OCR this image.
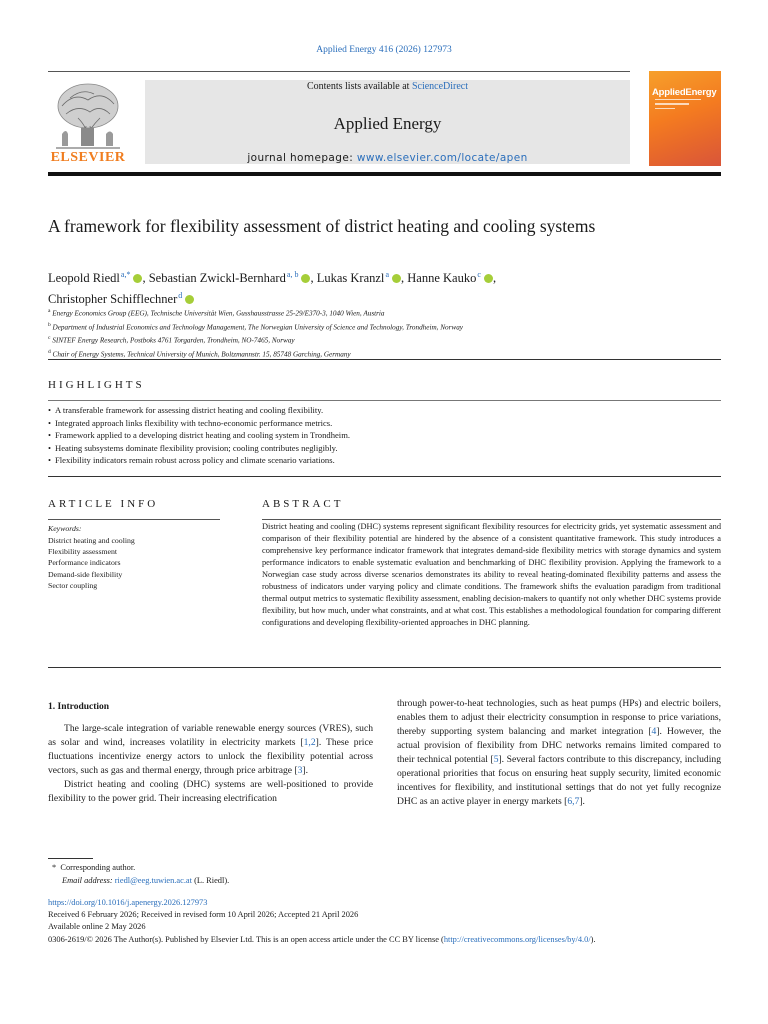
Applied Energy 416 (2026) 127973
ELSEVIER
Contents lists available at ScienceDirect
Applied Energy
journal homepage: www.elsevier.com/locate/apen
AppliedEnergy
A framework for flexibility assessment of district heating and cooling systems
Leopold Riedl $^{a,*}$ , Sebastian Zwickl-Bernhard $^{a, b}$ , Lukas Kranzl $^a$ , Hanne Kauko $^c$ ,
Christopher Schifflechner $^d$
$^a$ Energy Economics Group (EEG), Technische Universität Wien, Gusshausstrasse 25-29/E370-3, 1040 Wien, Austria
$^b$ Department of Industrial Economics and Technology Management, The Norwegian University of Science and Technology, Trondheim, Norway
$^c$ SINTEF Energy Research, Postboks 4761 Torgarden, Trondheim, NO-7465, Norway
$^d$ Chair of Energy Systems, Technical University of Munich, Boltzmannstr. 15, 85748 Garching, Germany
HIGHLIGHTS
• A transferable framework for assessing district heating and cooling flexibility.
• Integrated approach links flexibility with techno-economic performance metrics.
• Framework applied to a developing district heating and cooling system in Trondheim.
• Heating subsystems dominate flexibility provision; cooling contributes negligibly.
• Flexibility indicators remain robust across policy and climate scenario variations.
ARTICLE INFO
Keywords:
District heating and cooling
Flexibility assessment
Performance indicators
Demand-side flexibility
Sector coupling
ABSTRACT
District heating and cooling (DHC) systems represent significant flexibility resources for electricity grids, yet systematic assessment and comparison of their flexibility potential are hindered by the absence of a consistent quantitative framework. This study introduces a comprehensive key performance indicator framework that integrates demand-side flexibility metrics with storage dynamics and system performance indicators to enable systematic evaluation and benchmarking of DHC flexibility provision. Applying the framework to a Norwegian case study across diverse scenarios demonstrates its ability to reveal heating-dominated flexibility patterns and assess the robustness of indicators under varying policy and climate conditions. The framework shifts the evaluation paradigm from traditional thermal output metrics to systematic flexibility assessment, enabling decision-makers to quantify not only whether DHC systems provide flexibility, but how much, under what constraints, and at what cost. This establishes a methodological foundation for comparing different configurations and developing flexibility-oriented approaches in DHC planning.
1. Introduction

The large-scale integration of variable renewable energy sources (VRES), such as solar and wind, increases volatility in electricity markets [1,2]. These price fluctuations incentivize energy actors to unlock the flexibility potential across vectors, such as gas and thermal energy, through price arbitrage [3].

District heating and cooling (DHC) systems are well-positioned to provide flexibility to the power grid. Their increasing electrification

through power-to-heat technologies, such as heat pumps (HPs) and electric boilers, enables them to adjust their electricity consumption in response to price variations, thereby supporting system balancing and market integration [4]. However, the actual provision of flexibility from DHC networks remains limited compared to their technical potential [5]. Several factors contribute to this discrepancy, including operational priorities that focus on ensuring heat supply security, limited economic incentives for flexibility, and institutional settings that do not yet fully recognize DHC as an active player in energy markets [6,7].

* Corresponding author.
Email address: riedl@eeg.tuwien.ac.at (L. Riedl).
https://doi.org/10.1016/j.apenergy.2026.127973
Received 6 February 2026; Received in revised form 10 April 2026; Accepted 21 April 2026
Available online 2 May 2026
0306-2619/© 2026 The Author(s). Published by Elsevier Ltd. This is an open access article under the CC BY license (http://creativecommons.org/licenses/by/4.0/).
